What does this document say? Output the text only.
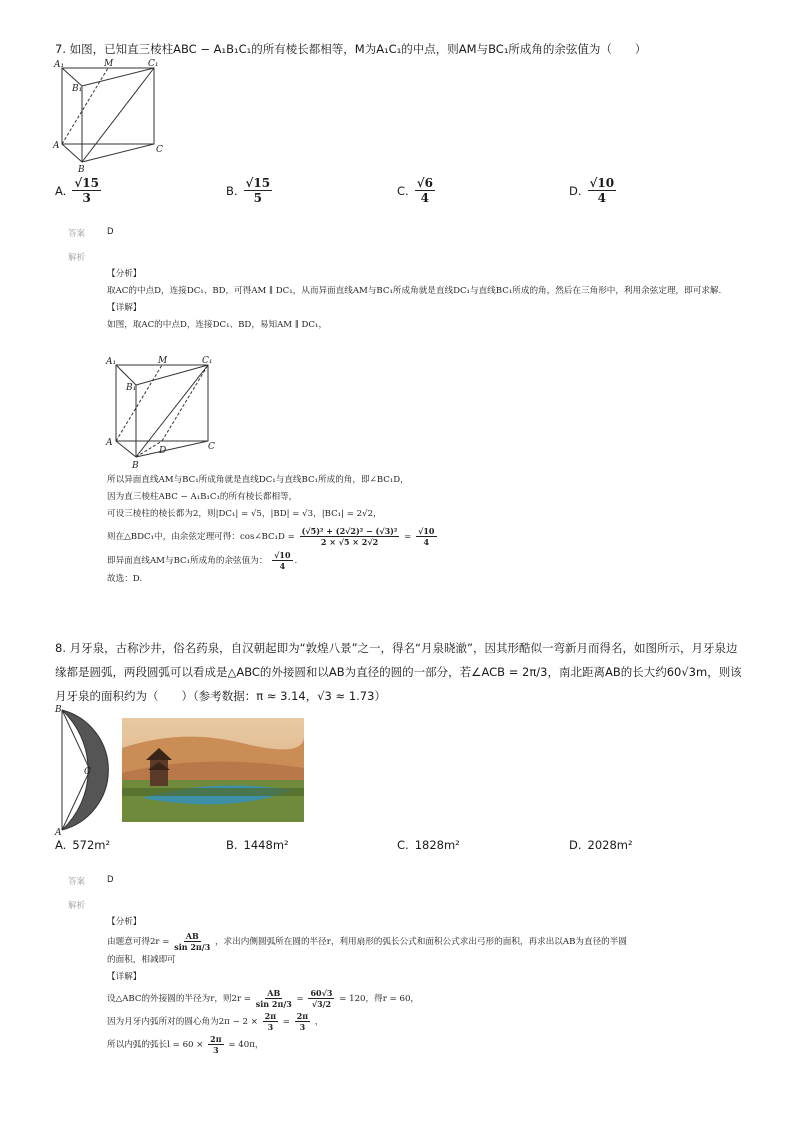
7. 如图，已知直三棱柱ABC − A₁B₁C₁的所有棱长都相等，M为A₁C₁的中点，则AM与BC₁所成角的余弦值为（　　）
A₁	M	C₁
B₁
A
B
C
A. $\frac{√15}{3}$	B. $\frac{√15}{5}$	C. $\frac{√6}{4}$	D. $\frac{√10}{4}$
答案	D
解析
【分析】
取AC的中点D，连接DC₁、BD，可得AM ∥ DC₁，从而异面直线AM与BC₁所成角就是直线DC₁与直线BC₁所成的角，然后在三角形中，利用余弦定理，即可求解.
【详解】
如图，取AC的中点D，连接DC₁、BD，易知AM ∥ DC₁，
A₁	M	C₁
B₁
A
D
B
C
所以异面直线AM与BC₁所成角就是直线DC₁与直线BC₁所成的角，即∠BC₁D，
因为直三棱柱ABC − A₁B₁C₁的所有棱长都相等，
可设三棱柱的棱长都为2，则|DC₁| = √5，|BD| = √3，|BC₁| = 2√2，
则在△BDC₁中，由余弦定理可得：cos∠BC₁D = $\frac{\text{(√5)² + (2√2)² − (√3)²}}{2 \times √5 \times 2√2} = \frac{√10}{4}$
即异面直线AM与BC₁所成角的余弦值为： $\frac{√10}{4}$ .
故选：D.
8. 月牙泉，古称沙井，俗名药泉，自汉朝起即为“敦煌八景”之一，得名“月泉晓澈”，因其形酷似一弯新月而得名，如图所示，月牙泉边缘都是圆弧，两段圆弧可以看成是△ABC的外接圆和以AB为直径的圆的一部分，若∠ACB = 2π/3，南北距离AB的长大约60√3m，则该月牙泉的面积约为（　　）（参考数据：π ≈ 3.14，√3 ≈ 1.73）
B
C
A
A. 572m²	B. 1448m²	C. 1828m²	D. 2028m²
答案	D
解析
【分析】
由题意可得$2r = \frac{AB}{\sin 2\pi/3}$ ，求出内侧圆弧所在圆的半径r，利用扇形的弧长公式和面积公式求出弓形的面积，再求出以AB为直径的半圆
的面积，相减即可
【详解】
设△ABC的外接圆的半径为r，则$2r = \frac{AB}{\sin 2\pi/3} = \frac{60√3}{√3/2} = 120$，得r = 60，
因为月牙内弧所对的圆心角为$2\pi - 2 \times \frac{2\pi}{3} = \frac{2\pi}{3}$ ，
所以内弧的弧长$l = 60 \times \frac{2\pi}{3} = 40\pi$，
